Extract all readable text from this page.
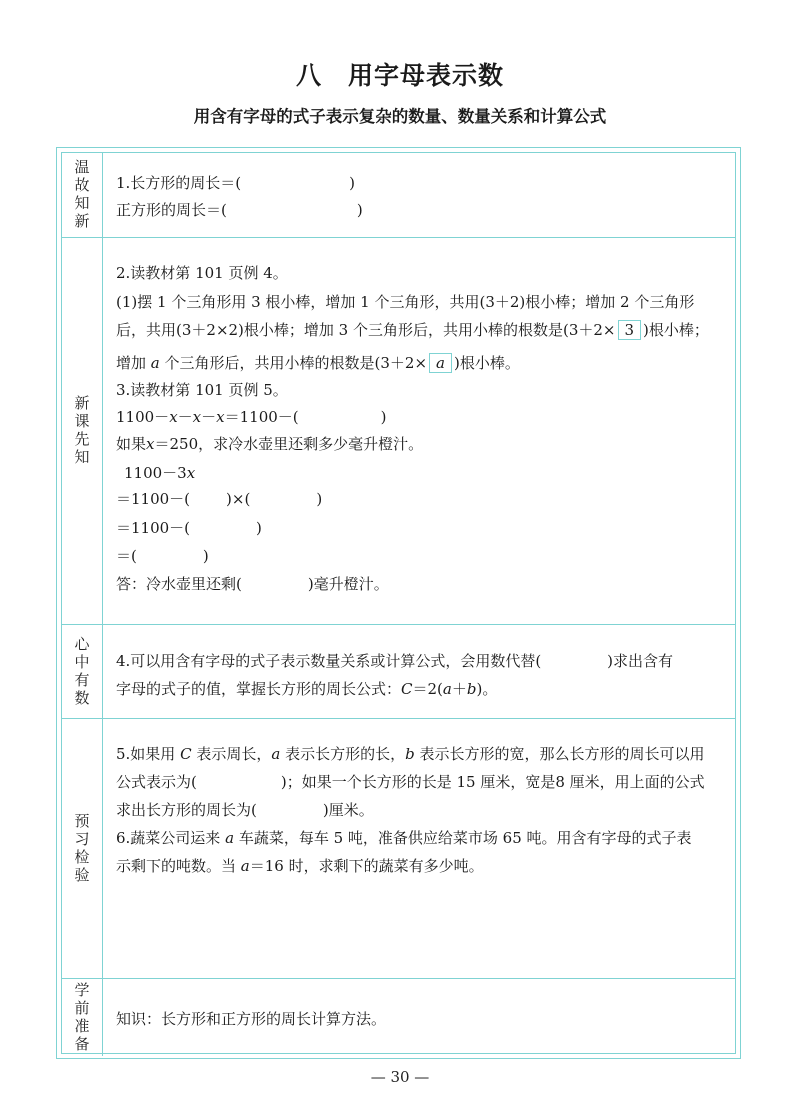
八 用字母表示数
用含有字母的式子表示复杂的数量、数量关系和计算公式
温故知新 1.长方形的周长＝(	)
正方形的周长＝(	)
新课先知
2.读教材第 101 页例 4。
(1)摆 1 个三角形用 3 根小棒，增加 1 个三角形，共用(3＋2)根小棒；增加 2 个三角形
后，共用(3＋2×2)根小棒；增加 3 个三角形后，共用小棒的根数是(3＋2× 3 )根小棒；
增加 a 个三角形后，共用小棒的根数是(3＋2× a )根小棒。
3.读教材第 101 页例 5。
1100－x－x－x＝1100－(	)
如果x＝250，求冷水壶里还剩多少毫升橙汁。
1100－3x
＝1100－( )×(	)
＝1100－(	)
＝(	)
答：冷水壶里还剩(	)毫升橙汁。
心中有数 4.可以用含有字母的式子表示数量关系或计算公式，会用数代替(	)求出含有
字母的式子的值，掌握长方形的周长公式：C＝2(a＋b)。
预习检验
5.如果用 C 表示周长，a 表示长方形的长，b 表示长方形的宽，那么长方形的周长可以用
公式表示为(	)；如果一个长方形的长是 15 厘米，宽是8 厘米，用上面的公式
求出长方形的周长为(	)厘米。
6.蔬菜公司运来 a 车蔬菜，每车 5 吨，准备供应给菜市场 65 吨。用含有字母的式子表
示剩下的吨数。当 a＝16 时，求剩下的蔬菜有多少吨。
学前准备 知识：长方形和正方形的周长计算方法。
— 30 —
